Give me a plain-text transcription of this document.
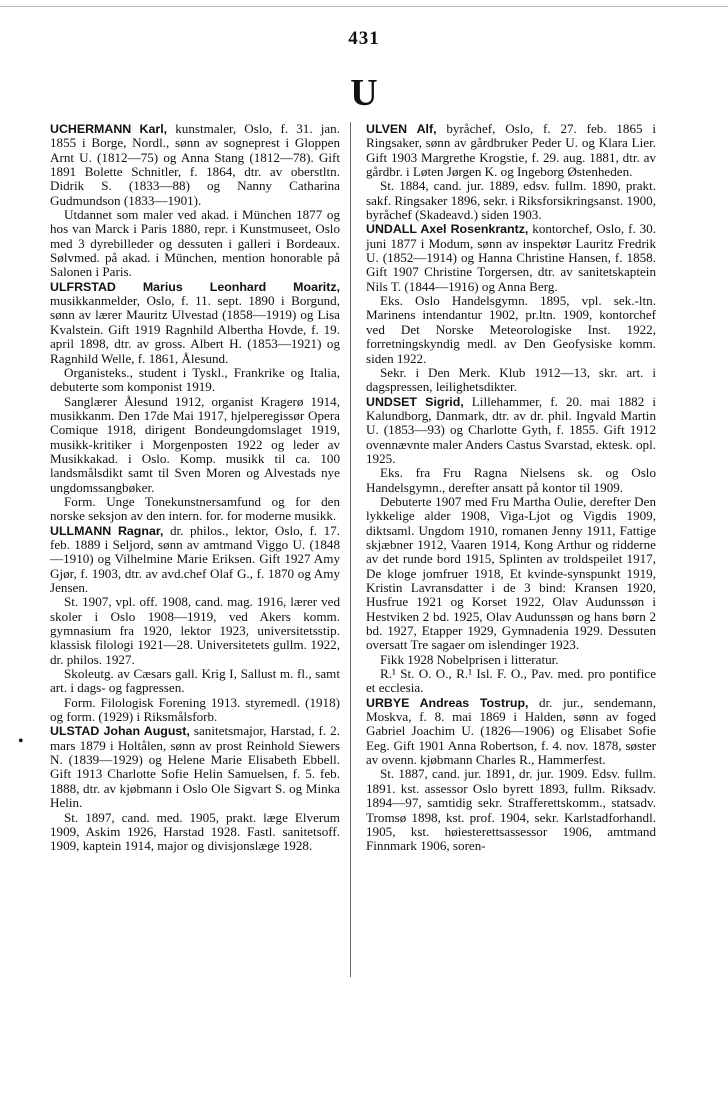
431
U

UCHERMANN Karl, kunstmaler, Oslo, f. 31. jan. 1855 i Borge, Nordl., sønn av sogneprest i Gloppen Arnt U. (1812—75) og Anna Stang (1812—78). Gift 1891 Bolette Schnitler, f. 1864, dtr. av oberstltn. Didrik S. (1833—88) og Nanny Catharina Gudmundson (1833—1901).

Utdannet som maler ved akad. i München 1877 og hos van Marck i Paris 1880, repr. i Kunstmuseet, Oslo med 3 dyrebilleder og dessuten i galleri i Bordeaux. Sølvmed. på akad. i München, mention honorable på Salonen i Paris.

ULFRSTAD Marius Leonhard Moaritz, musikkanmelder, Oslo, f. 11. sept. 1890 i Borgund, sønn av lærer Mauritz Ulvestad (1858—1919) og Lisa Kvalstein. Gift 1919 Ragnhild Albertha Hovde, f. 19. april 1898, dtr. av gross. Albert H. (1853—1921) og Ragnhild Welle, f. 1861, Ålesund.

Organisteks., student i Tyskl., Frankrike og Italia, debuterte som komponist 1919.

Sanglærer Ålesund 1912, organist Kragerø 1914, musikkanm. Den 17de Mai 1917, hjelperegissør Opera Comique 1918, dirigent Bondeungdomslaget 1919, musikk-kritiker i Morgenposten 1922 og leder av Musikkakad. i Oslo. Komp. musikk til ca. 100 landsmålsdikt samt til Sven Moren og Alvestads nye ungdomssangbøker.

Form. Unge Tonekunstnersamfund og for den norske seksjon av den intern. for. for moderne musikk.

ULLMANN Ragnar, dr. philos., lektor, Oslo, f. 17. feb. 1889 i Seljord, sønn av amtmand Viggo U. (1848—1910) og Vilhelmine Marie Eriksen. Gift 1927 Amy Gjør, f. 1903, dtr. av avd.chef Olaf G., f. 1870 og Amy Jensen.

St. 1907, vpl. off. 1908, cand. mag. 1916, lærer ved skoler i Oslo 1908—1919, ved Akers komm. gymnasium fra 1920, lektor 1923, universitetsstip. klassisk filologi 1921—28. Universitetets gullm. 1922, dr. philos. 1927.

Skoleutg. av Cæsars gall. Krig I, Sallust m. fl., samt art. i dags- og fagpressen.

Form. Filologisk Forening 1913. styremedl. (1918) og form. (1929) i Riksmålsforb.

ULSTAD Johan August, sanitetsmajor, Harstad, f. 2. mars 1879 i Holtålen, sønn av prost Reinhold Siewers N. (1839—1929) og Helene Marie Elisabeth Ebbell. Gift 1913 Charlotte Sofie Helin Samuelsen, f. 5. feb. 1888, dtr. av kjøbmann i Oslo Ole Sigvart S. og Minka Helin.

St. 1897, cand. med. 1905, prakt. læge Elverum 1909, Askim 1926, Harstad 1928. Fastl. sanitetsoff. 1909, kaptein 1914, major og divisjonslæge 1928.

ULVEN Alf, byråchef, Oslo, f. 27. feb. 1865 i Ringsaker, sønn av gårdbruker Peder U. og Klara Lier. Gift 1903 Margrethe Krogstie, f. 29. aug. 1881, dtr. av gårdbr. i Løten Jørgen K. og Ingeborg Østenheden.

St. 1884, cand. jur. 1889, edsv. fullm. 1890, prakt. sakf. Ringsaker 1896, sekr. i Riksforsikringsanst. 1900, byråchef (Skadeavd.) siden 1903.

UNDALL Axel Rosenkrantz, kontorchef, Oslo, f. 30. juni 1877 i Modum, sønn av inspektør Lauritz Fredrik U. (1852—1914) og Hanna Christine Hansen, f. 1858. Gift 1907 Christine Torgersen, dtr. av sanitetskaptein Nils T. (1844—1916) og Anna Berg.

Eks. Oslo Handelsgymn. 1895, vpl. sek.-ltn. Marinens intendantur 1902, pr.ltn. 1909, kontorchef ved Det Norske Meteorologiske Inst. 1922, forretningskyndig medl. av Den Geofysiske komm. siden 1922.

Sekr. i Den Merk. Klub 1912—13, skr. art. i dagspressen, leilighetsdikter.

UNDSET Sigrid, Lillehammer, f. 20. mai 1882 i Kalundborg, Danmark, dtr. av dr. phil. Ingvald Martin U. (1853—93) og Charlotte Gyth, f. 1855. Gift 1912 ovennævnte maler Anders Castus Svarstad, ektesk. opl. 1925.

Eks. fra Fru Ragna Nielsens sk. og Oslo Handelsgymn., derefter ansatt på kontor til 1909.

Debuterte 1907 med Fru Martha Oulie, derefter Den lykkelige alder 1908, Viga-Ljot og Vigdis 1909, diktsaml. Ungdom 1910, romanen Jenny 1911, Fattige skjæbner 1912, Vaaren 1914, Kong Arthur og ridderne av det runde bord 1915, Splinten av troldspeilet 1917, De kloge jomfruer 1918, Et kvinde-synspunkt 1919, Kristin Lavransdatter i de 3 bind: Kransen 1920, Husfrue 1921 og Korset 1922, Olav Audunssøn i Hestviken 2 bd. 1925, Olav Audunssøn og hans børn 2 bd. 1927, Etapper 1929, Gymnadenia 1929. Dessuten oversatt Tre sagaer om islendinger 1923.

Fikk 1928 Nobelprisen i litteratur.

R.¹ St. O. O., R.¹ Isl. F. O., Pav. med. pro pontifice et ecclesia.

URBYE Andreas Tostrup, dr. jur., sendemann, Moskva, f. 8. mai 1869 i Halden, sønn av foged Gabriel Joachim U. (1826—1906) og Elisabet Sofie Eeg. Gift 1901 Anna Robertson, f. 4. nov. 1878, søster av ovenn. kjøbmann Charles R., Hammerfest.

St. 1887, cand. jur. 1891, dr. jur. 1909. Edsv. fullm. 1891. kst. assessor Oslo byrett 1893, fullm. Riksadv. 1894—97, samtidig sekr. Strafferettskomm., statsadv. Tromsø 1898, kst. prof. 1904, sekr. Karlstadforhandl. 1905, kst. høiesterettsassessor 1906, amtmand Finnmark 1906, soren-

•
